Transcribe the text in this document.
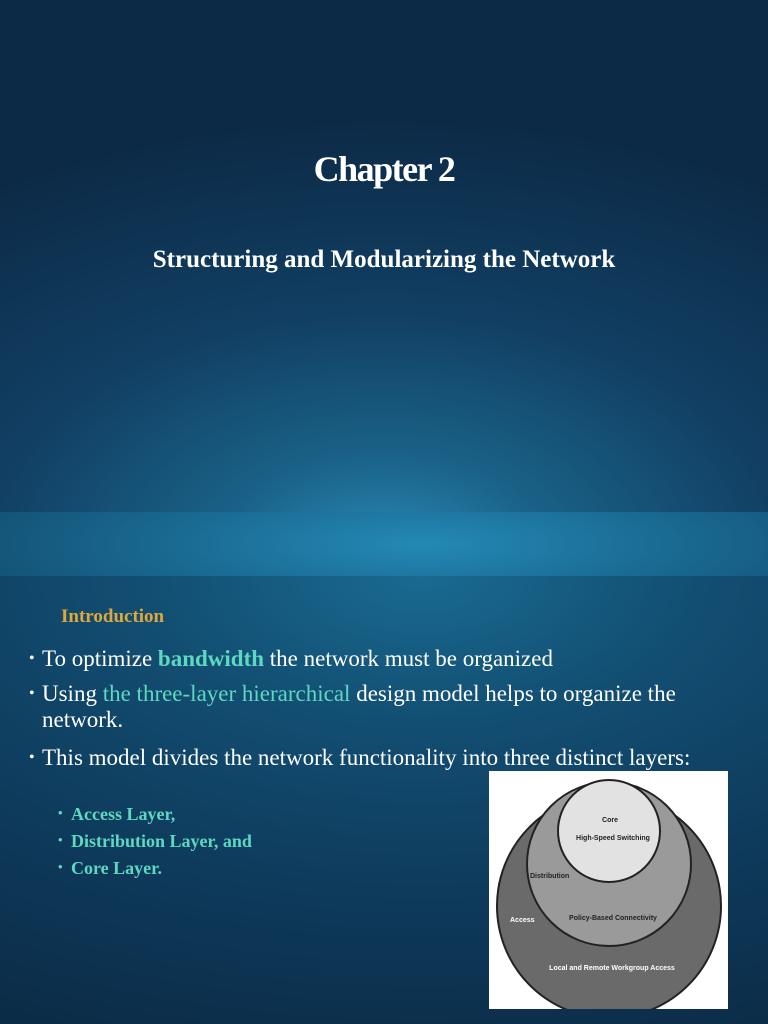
Chapter 2
Structuring and Modularizing the Network
Introduction
• To optimize bandwidth the network must be organized
• Using the three-layer hierarchical design model helps to organize the network.
• This model divides the network functionality into three distinct layers:
• Access Layer,
• Distribution Layer, and
• Core Layer.
Core
High-Speed Switching
Distribution
Policy-Based Connectivity
Access
Local and Remote Workgroup Access
